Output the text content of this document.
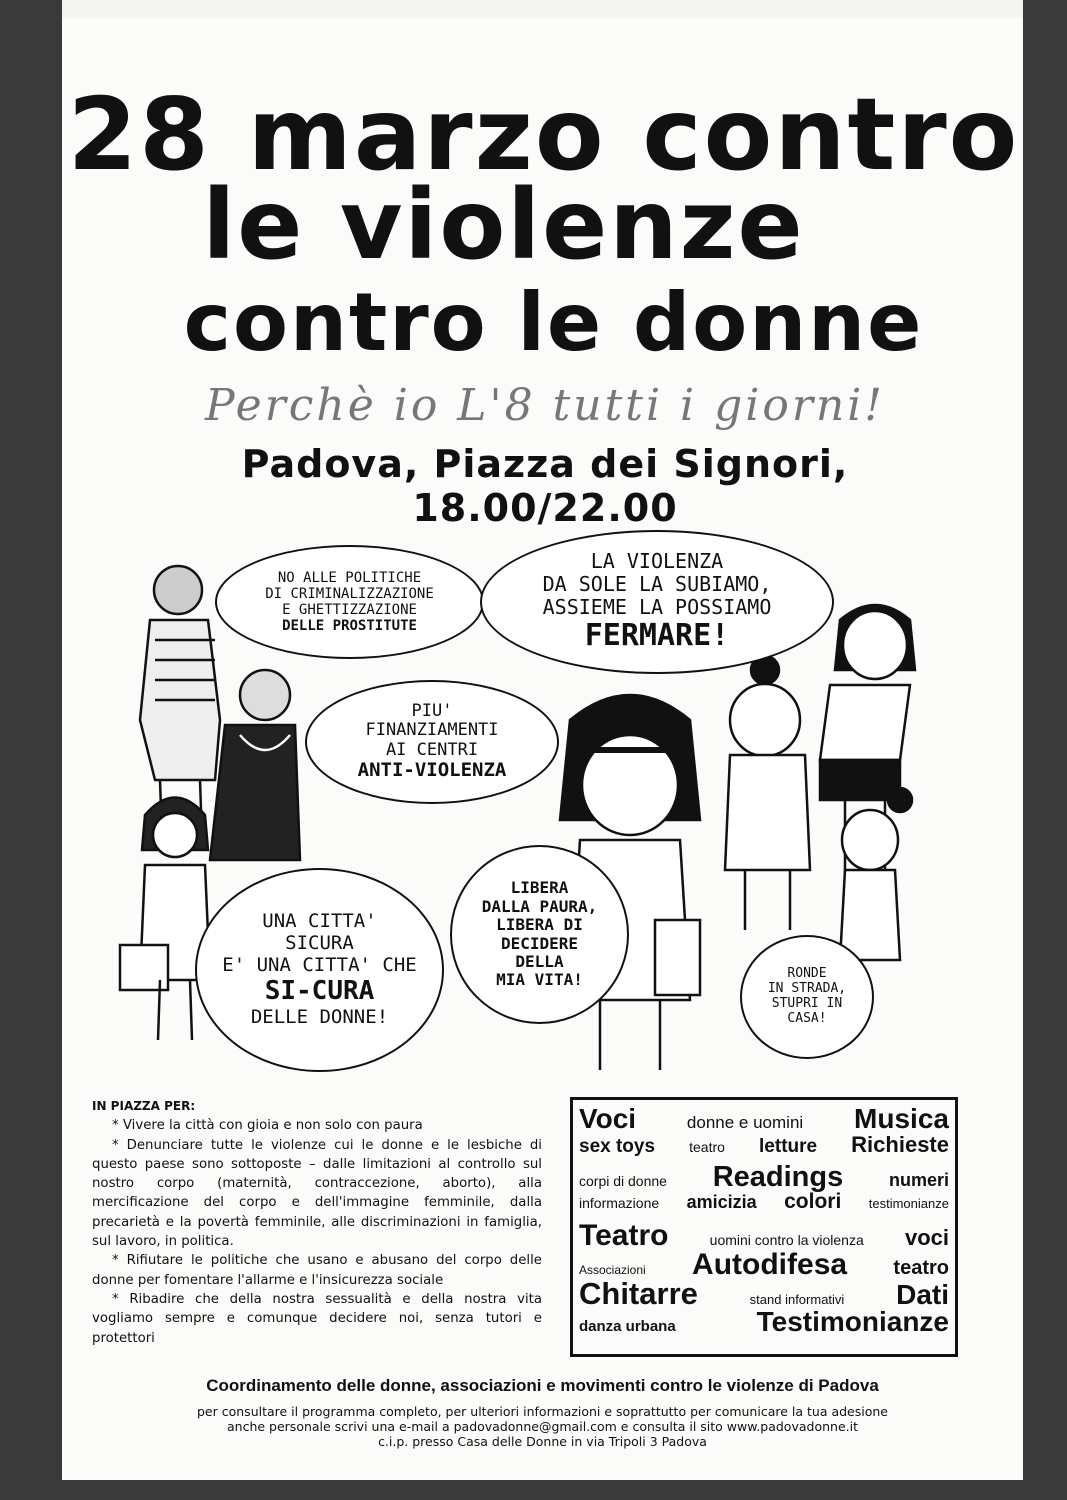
28 marzo contro
le violenze
contro le donne
Perchè io L'8 tutti i giorni!
Padova, Piazza dei Signori, 18.00/22.00
NO ALLE POLITICHE
DI CRIMINALIZZAZIONE
E GHETTIZZAZIONE
DELLE PROSTITUTE
LA VIOLENZA
DA SOLE LA SUBIAMO,
ASSIEME LA POSSIAMO
FERMARE!
PIU'
FINANZIAMENTI
AI CENTRI
ANTI-VIOLENZA
UNA CITTA'
SICURA
E' UNA CITTA' CHE
SI-CURA
DELLE DONNE!
LIBERA
DALLA PAURA,
LIBERA DI
DECIDERE
DELLA
MIA VITA!	RONDE
IN STRADA,
STUPRI IN
CASA!

IN PIAZZA PER:

* Vivere la città con gioia e non solo con paura

* Denunciare tutte le violenze cui le donne e le lesbiche di questo paese sono sottoposte – dalle limitazioni al controllo sul nostro corpo (maternità, contraccezione, aborto), alla mercificazione del corpo e dell'immagine femminile, dalla precarietà e la povertà femminile, alle discriminazioni in famiglia, sul lavoro, in politica.

* Rifiutare le politiche che usano e abusano del corpo delle donne per fomentare l'allarme e l'insicurezza sociale

* Ribadire che della nostra sessualità e della nostra vita vogliamo sempre e comunque decidere noi, senza tutori e protettori

Voci	donne e uomini Musica
sex toys teatro letture Richieste
corpi di donne Readings	numeri
informazione amicizia colori testimonianze
Teatro	uomini contro la violenza voci
Associazioni Autodifesa teatro
Chitarre	stand informativi Dati
danza urbana	Testimonianze
Coordinamento delle donne, associazioni e movimenti contro le violenze di Padova
per consultare il programma completo, per ulteriori informazioni e soprattutto per comunicare la tua adesione
anche personale scrivi una e-mail a padovadonne@gmail.com e consulta il sito www.padovadonne.it
c.i.p. presso Casa delle Donne in via Tripoli 3 Padova
